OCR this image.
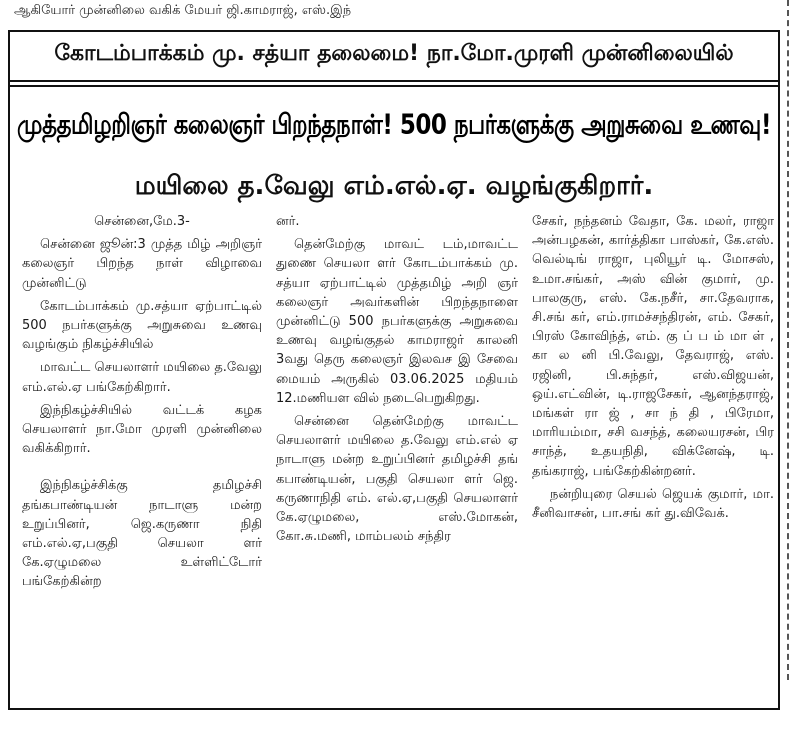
ஆகியோர் முன்னிலை வகிக் மேயர் ஜி.காமராஜ், எஸ்.இந்
கோடம்பாக்கம் மு. சத்யா தலைமை! நா.மோ.முரளி முன்னிலையில்
முத்தமிழறிஞர் கலைஞர் பிறந்தநாள்! 500 நபர்களுக்கு அறுசுவை உணவு!
மயிலை த.வேலு எம்.எல்.ஏ. வழங்குகிறார்.

சென்னை,மே.3-

சென்னை ஜூன்:3 முத்த மிழ் அறிஞர் கலைஞர் பிறந்த நாள் விழாவை முன்னிட்டு

கோடம்பாக்கம் மு.சத்யா ஏற்பாட்டில் 500 நபர்களுக்கு அறுசுவை உணவு வழங்கும் நிகழ்ச்சியில்

மாவட்ட செயலாளர் மயிலை த.வேலு எம்.எல்.ஏ பங்கேற்கிறார்.

இந்நிகழ்ச்சியில் வட்டக் கழக செயலாளர் நா.மோ முரளி முன்னிலை வகிக்கிறார்.

இந்நிகழ்ச்சிக்கு தமிழச்சி தங்கபாண்டியன் நாடாளு மன்ற உறுப்பினர், ஜெ.கருணா நிதி எம்.எல்.ஏ,பகுதி செயலா ளர் கே.ஏழுமலை உள்ளிட்டோர் பங்கேற்கின்ற

னர்.

தென்மேற்கு மாவட் டம்,மாவட்ட துணை செயலா ளர் கோடம்பாக்கம் மு. சத்யா ஏற்பாட்டில் முத்தமிழ் அறி ஞர் கலைஞர் அவர்களின் பிறந்தநாளை முன்னிட்டு 500 நபர்களுக்கு அறுசுவை உணவு வழங்குதல் காமராஜர் காலனி 3வது தெரு கலைஞர் இலவச இ சேவை மையம் அருகில் 03.06.2025 மதியம் 12.மணியள வில் நடைபெறுகிறது.

சென்னை தென்மேற்கு மாவட்ட செயலாளர் மயிலை த.வேலு எம்.எல் ஏ நாடாளு மன்ற உறுப்பினர் தமிழச்சி தங் கபாண்டியன், பகுதி செயலா ளர் ஜெ. கருணாநிதி எம். எல்.ஏ,பகுதி செயலாளர் கே.ஏழுமலை, எஸ்.மோகன், கோ.சு.மணி, மாம்பலம் சந்திர

சேகர், நந்தனம் வேதா, கே. மலர், ராஜா அன்பழகன், கார்த்திகா பாஸ்கர், கே.எஸ். வெல்டிங் ராஜா, புலியூர் டி. மோசஸ், உமா.சங்கர், அஸ் வின் குமார், மு. பாலகுரு, எஸ். கே.நசீர், சா.தேவராக, சி.சங் கர், எம்.ராமச்சந்திரன், எம். சேகர், பிரஸ் கோவிந்த், எம். கு ப் ப ம் மா ள் , கா ல னி பி.வேலு, தேவராஜ், எஸ். ரஜினி, பி.சுந்தர், எஸ்.விஜயன், ஒய்.எட்வின், டி.ராஜசேகர், ஆனந்தராஜ், மங்கள் ரா ஜ் , சா ந் தி , பிரேமா, மாரியம்மா, சசி வசந்த், கலையரசன், பிர சாந்த், உதயநிதி, விக்னேஷ், டி. தங்கராஜ், பங்கேற்கின்றனர்.

நன்றியுரை செயல் ஜெயக் குமார், மா. சீனிவாசன், பா.சங் கர் து.விவேக்.
